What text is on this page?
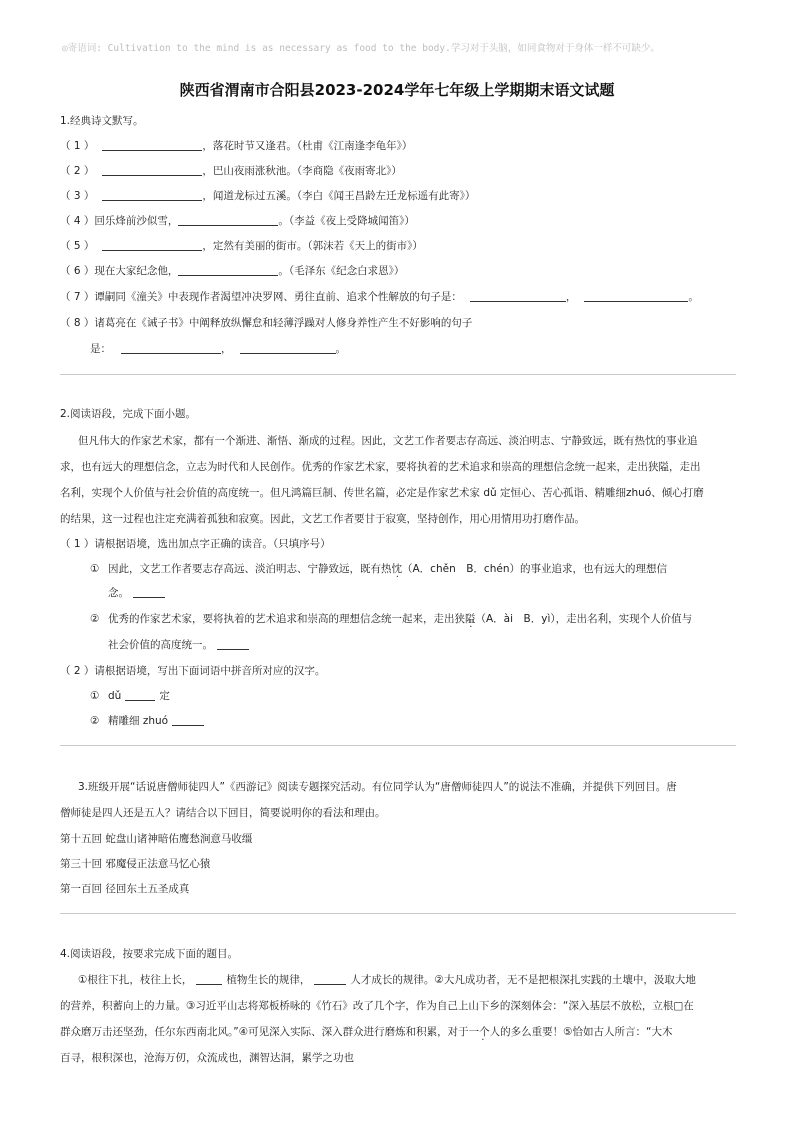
◎寄语词: Cultivation to the mind is as necessary as food to the body.学习对于头脑，如同食物对于身体一样不可缺少。
陕西省渭南市合阳县2023-2024学年七年级上学期期末语文试题
1.经典诗文默写。
（ 1 ）	，落花时节又逢君。（杜甫《江南逢李龟年》）
（ 2 ）	，巴山夜雨涨秋池。（李商隐《夜雨寄北》）
（ 3 ）	，闻道龙标过五溪。（李白《闻王昌龄左迁龙标遥有此寄》）
（ 4 ）回乐烽前沙似雪，	。（李益《夜上受降城闻笛》）
（ 5 ）	，定然有美丽的街市。（郭沫若《天上的街市》）
（ 6 ）现在大家纪念他，	。（毛泽东《纪念白求恩》）
（ 7 ）谭嗣同《潼关》中表现作者渴望冲决罗网、勇往直前、追求个性解放的句子是：	，	。
（ 8 ）诸葛亮在《诫子书》中阐释放纵懈怠和轻薄浮躁对人修身养性产生不好影响的句子
是：	，	。
2.阅读语段，完成下面小题。
但凡伟大的作家艺术家，都有一个渐进、渐悟、渐成的过程。因此，文艺工作者要志存高远、淡泊明志、宁静致远，既有热忱的事业追
求，也有远大的理想信念，立志为时代和人民创作。优秀的作家艺术家，要将执着的艺术追求和崇高的理想信念统一起来，走出狭隘，走出
名利，实现个人价值与社会价值的高度统一。但凡鸿篇巨制、传世名篇，必定是作家艺术家 dǔ 定恒心、苦心孤诣、精雕细zhuó、倾心打磨
的结果，这一过程也注定充满着孤独和寂寞。因此，文艺工作者要甘于寂寞，坚持创作，用心用情用功打磨作品。
（ 1 ）请根据语境，选出加点字正确的读音。（只填序号）
① 因此，文艺工作者要志存高远、淡泊明志、宁静致远，既有热忱（A．chěn　B．chén）的事业追求，也有远大的理想信
念。
② 优秀的作家艺术家，要将执着的艺术追求和崇高的理想信念统一起来，走出狭隘（A．ài　B．yì），走出名利，实现个人价值与
社会价值的高度统一。
（ 2 ）请根据语境，写出下面词语中拼音所对应的汉字。
① dǔ	定
② 精雕细 zhuó
3.班级开展“话说唐僧师徒四人”《西游记》阅读专题探究活动。有位同学认为“唐僧师徒四人”的说法不准确，并提供下列回目。唐
僧师徒是四人还是五人？请结合以下回目，简要说明你的看法和理由。
第十五回 蛇盘山诸神暗佑鹰愁涧意马收缰
第三十回 邪魔侵正法意马忆心猿
第一百回 径回东土五圣成真
4.阅读语段，按要求完成下面的题目。
①根往下扎，枝往上长，	植物生长的规律，	人才成长的规律。②大凡成功者，无不是把根深扎实践的土壤中，汲取大地
的营养，积蓄向上的力量。③习近平山志将郑板桥咏的《竹石》改了几个字，作为自己上山下乡的深刻体会：“深入基层不放松，立根□在
群众磨万击还坚劲，任尔东西南北风。”④可见深入实际、深入群众进行磨炼和积累，对于一个人的多么重要！⑤恰如古人所言：“大木
百寻，根积深也，沧海万仞，众流成也，渊智达洞，累学之功也
